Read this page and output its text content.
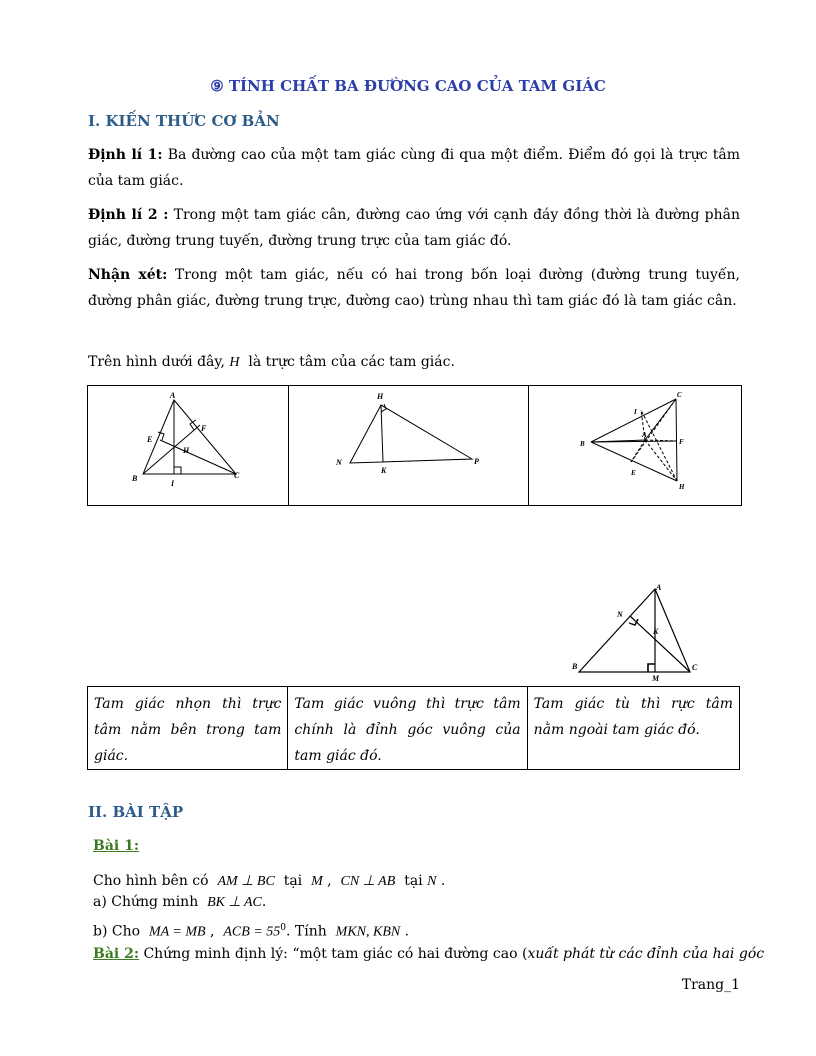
⑨ TÍNH CHẤT BA ĐƯỜNG CAO CỦA TAM GIÁC
I. KIẾN THỨC CƠ BẢN
Định lí 1: Ba đường cao của một tam giác cùng đi qua một điểm. Điểm đó gọi là trực tâm của tam giác.
Định lí 2 : Trong một tam giác cân, đường cao ứng với cạnh đáy đồng thời là đường phân giác, đường trung tuyến, đường trung trực của tam giác đó.
Nhận xét: Trong một tam giác, nếu có hai trong bốn loại đường (đường trung tuyến, đường phân giác, đường trung trực, đường cao) trùng nhau thì tam giác đó là tam giác cân.
Trên hình dưới đây, H là trực tâm của các tam giác.
A
B	C
E
F
H
I

H
N	P
K

C
B
I
A
F
E
H
A
N
K
B	C
M
Tam giác nhọn thì trực tâm nằm bên trong tam giác.

Tam giác vuông thì trực tâm chính là đỉnh góc vuông của tam giác đó.

Tam giác tù thì rực tâm nằm ngoài tam giác đó.
II. BÀI TẬP
Bài 1:
Cho hình bên có AM ⊥ BC tại M ,  CN ⊥ AB tại N .
a) Chứng minh BK ⊥ AC.
b) Cho MA = MB ,  ACB = $55^0$. Tính MKN, KBN .
Bài 2: Chứng minh định lý: “một tam giác có hai đường cao (xuất phát từ các đỉnh của hai góc
Trang_1
